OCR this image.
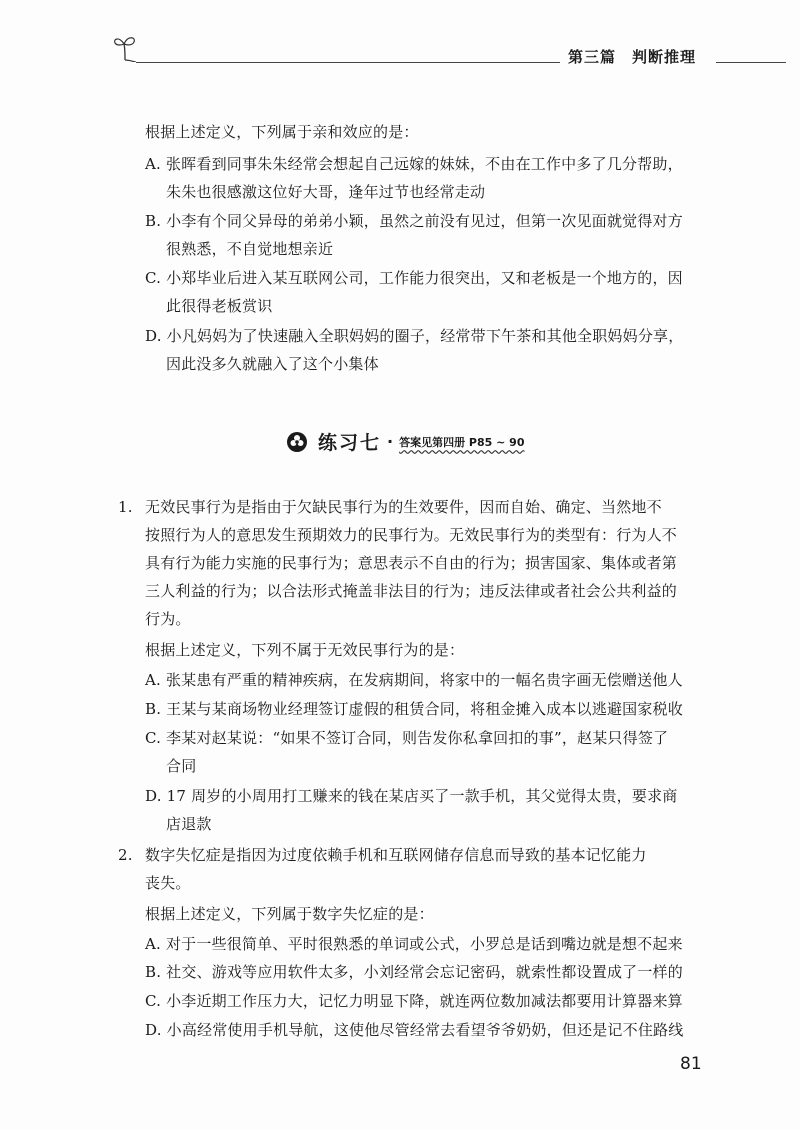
第三篇　判断推理
根据上述定义，下列属于亲和效应的是：
A. 张晖看到同事朱朱经常会想起自己远嫁的妹妹，不由在工作中多了几分帮助，
朱朱也很感激这位好大哥，逢年过节也经常走动
B. 小李有个同父异母的弟弟小颖，虽然之前没有见过，但第一次见面就觉得对方
很熟悉，不自觉地想亲近
C. 小郑毕业后进入某互联网公司，工作能力很突出，又和老板是一个地方的，因
此很得老板赏识
D. 小凡妈妈为了快速融入全职妈妈的圈子，经常带下午茶和其他全职妈妈分享，
因此没多久就融入了这个小集体
练习七 · 答案见第四册 P85 ~ 90
1. 无效民事行为是指由于欠缺民事行为的生效要件，因而自始、确定、当然地不
按照行为人的意思发生预期效力的民事行为。无效民事行为的类型有：行为人不
具有行为能力实施的民事行为；意思表示不自由的行为；损害国家、集体或者第
三人利益的行为；以合法形式掩盖非法目的行为；违反法律或者社会公共利益的
行为。
根据上述定义，下列不属于无效民事行为的是：
A. 张某患有严重的精神疾病，在发病期间，将家中的一幅名贵字画无偿赠送他人
B. 王某与某商场物业经理签订虚假的租赁合同，将租金摊入成本以逃避国家税收
C. 李某对赵某说：“如果不签订合同，则告发你私拿回扣的事”，赵某只得签了
合同
D. 17 周岁的小周用打工赚来的钱在某店买了一款手机，其父觉得太贵，要求商
店退款
2. 数字失忆症是指因为过度依赖手机和互联网储存信息而导致的基本记忆能力
丧失。
根据上述定义，下列属于数字失忆症的是：
A. 对于一些很简单、平时很熟悉的单词或公式，小罗总是话到嘴边就是想不起来
B. 社交、游戏等应用软件太多，小刘经常会忘记密码，就索性都设置成了一样的
C. 小李近期工作压力大，记忆力明显下降，就连两位数加减法都要用计算器来算
D. 小高经常使用手机导航，这使他尽管经常去看望爷爷奶奶，但还是记不住路线
81
